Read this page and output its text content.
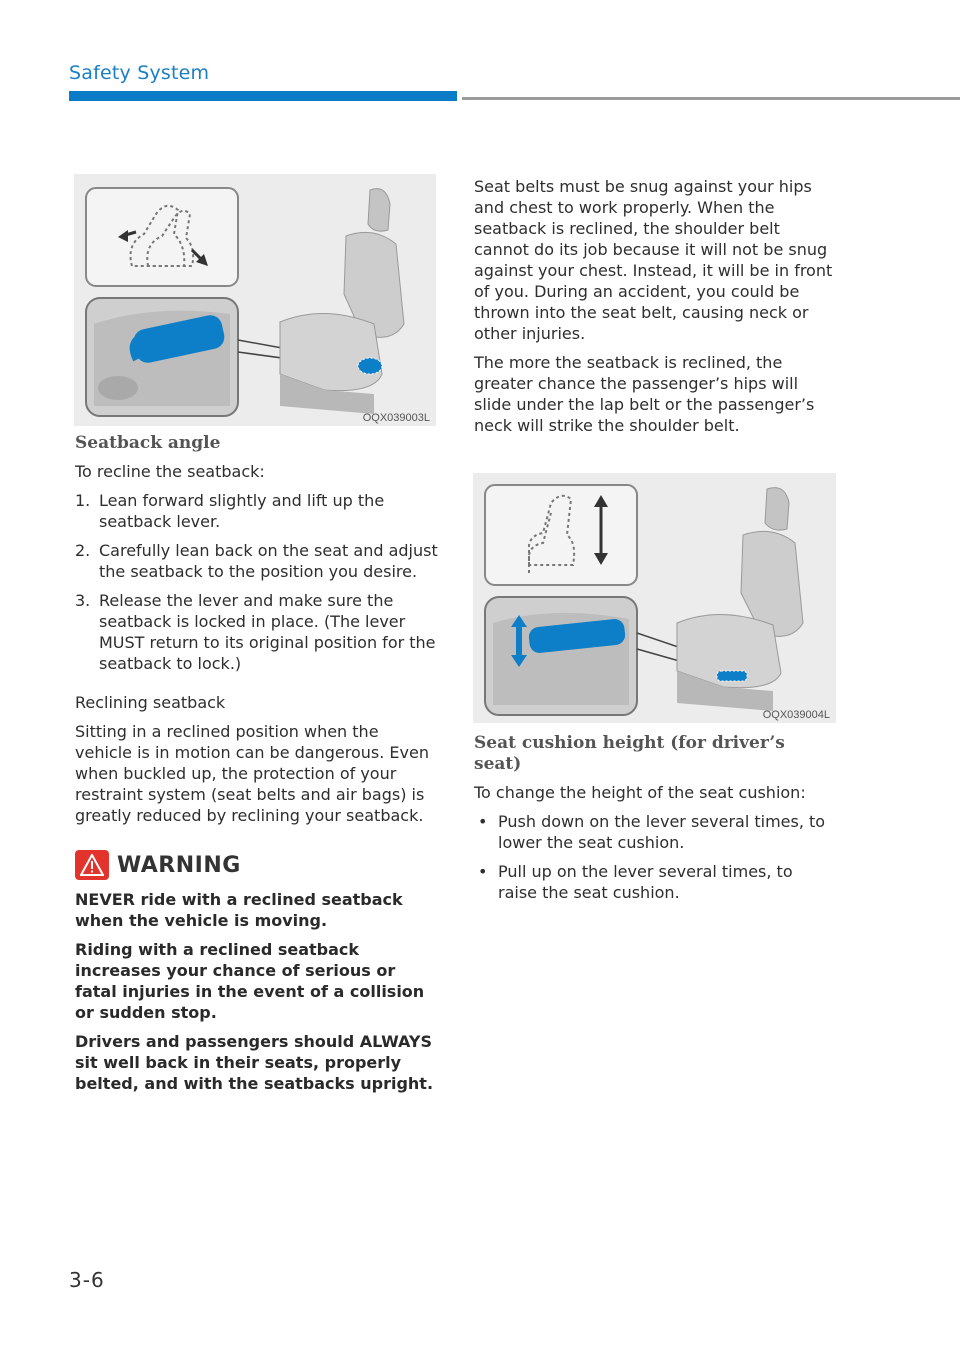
Safety System
OQX039003L
Seatback angle

To recline the seatback:

1. Lean forward slightly and lift up the seatback lever.
2. Carefully lean back on the seat and adjust the seatback to the position you desire.
3. Release the lever and make sure the seatback is locked in place. (The lever MUST return to its original position for the seatback to lock.)

Reclining seatback

Sitting in a reclined position when the vehicle is in motion can be dangerous. Even when buckled up, the protection of your restraint system (seat belts and air bags) is greatly reduced by reclining your seatback.

WARNING

NEVER ride with a reclined seatback when the vehicle is moving.

Riding with a reclined seatback increases your chance of serious or fatal injuries in the event of a collision or sudden stop.

Drivers and passengers should ALWAYS sit well back in their seats, properly belted, and with the seatbacks upright.

Seat belts must be snug against your hips and chest to work properly. When the seatback is reclined, the shoulder belt cannot do its job because it will not be snug against your chest. Instead, it will be in front of you. During an accident, you could be thrown into the seat belt, causing neck or other injuries.

The more the seatback is reclined, the greater chance the passenger’s hips will slide under the lap belt or the passenger’s neck will strike the shoulder belt.

OQX039004L
Seat cushion height (for driver’s seat)

To change the height of the seat cushion:

• Push down on the lever several times, to lower the seat cushion.
• Pull up on the lever several times, to raise the seat cushion.
3-6
